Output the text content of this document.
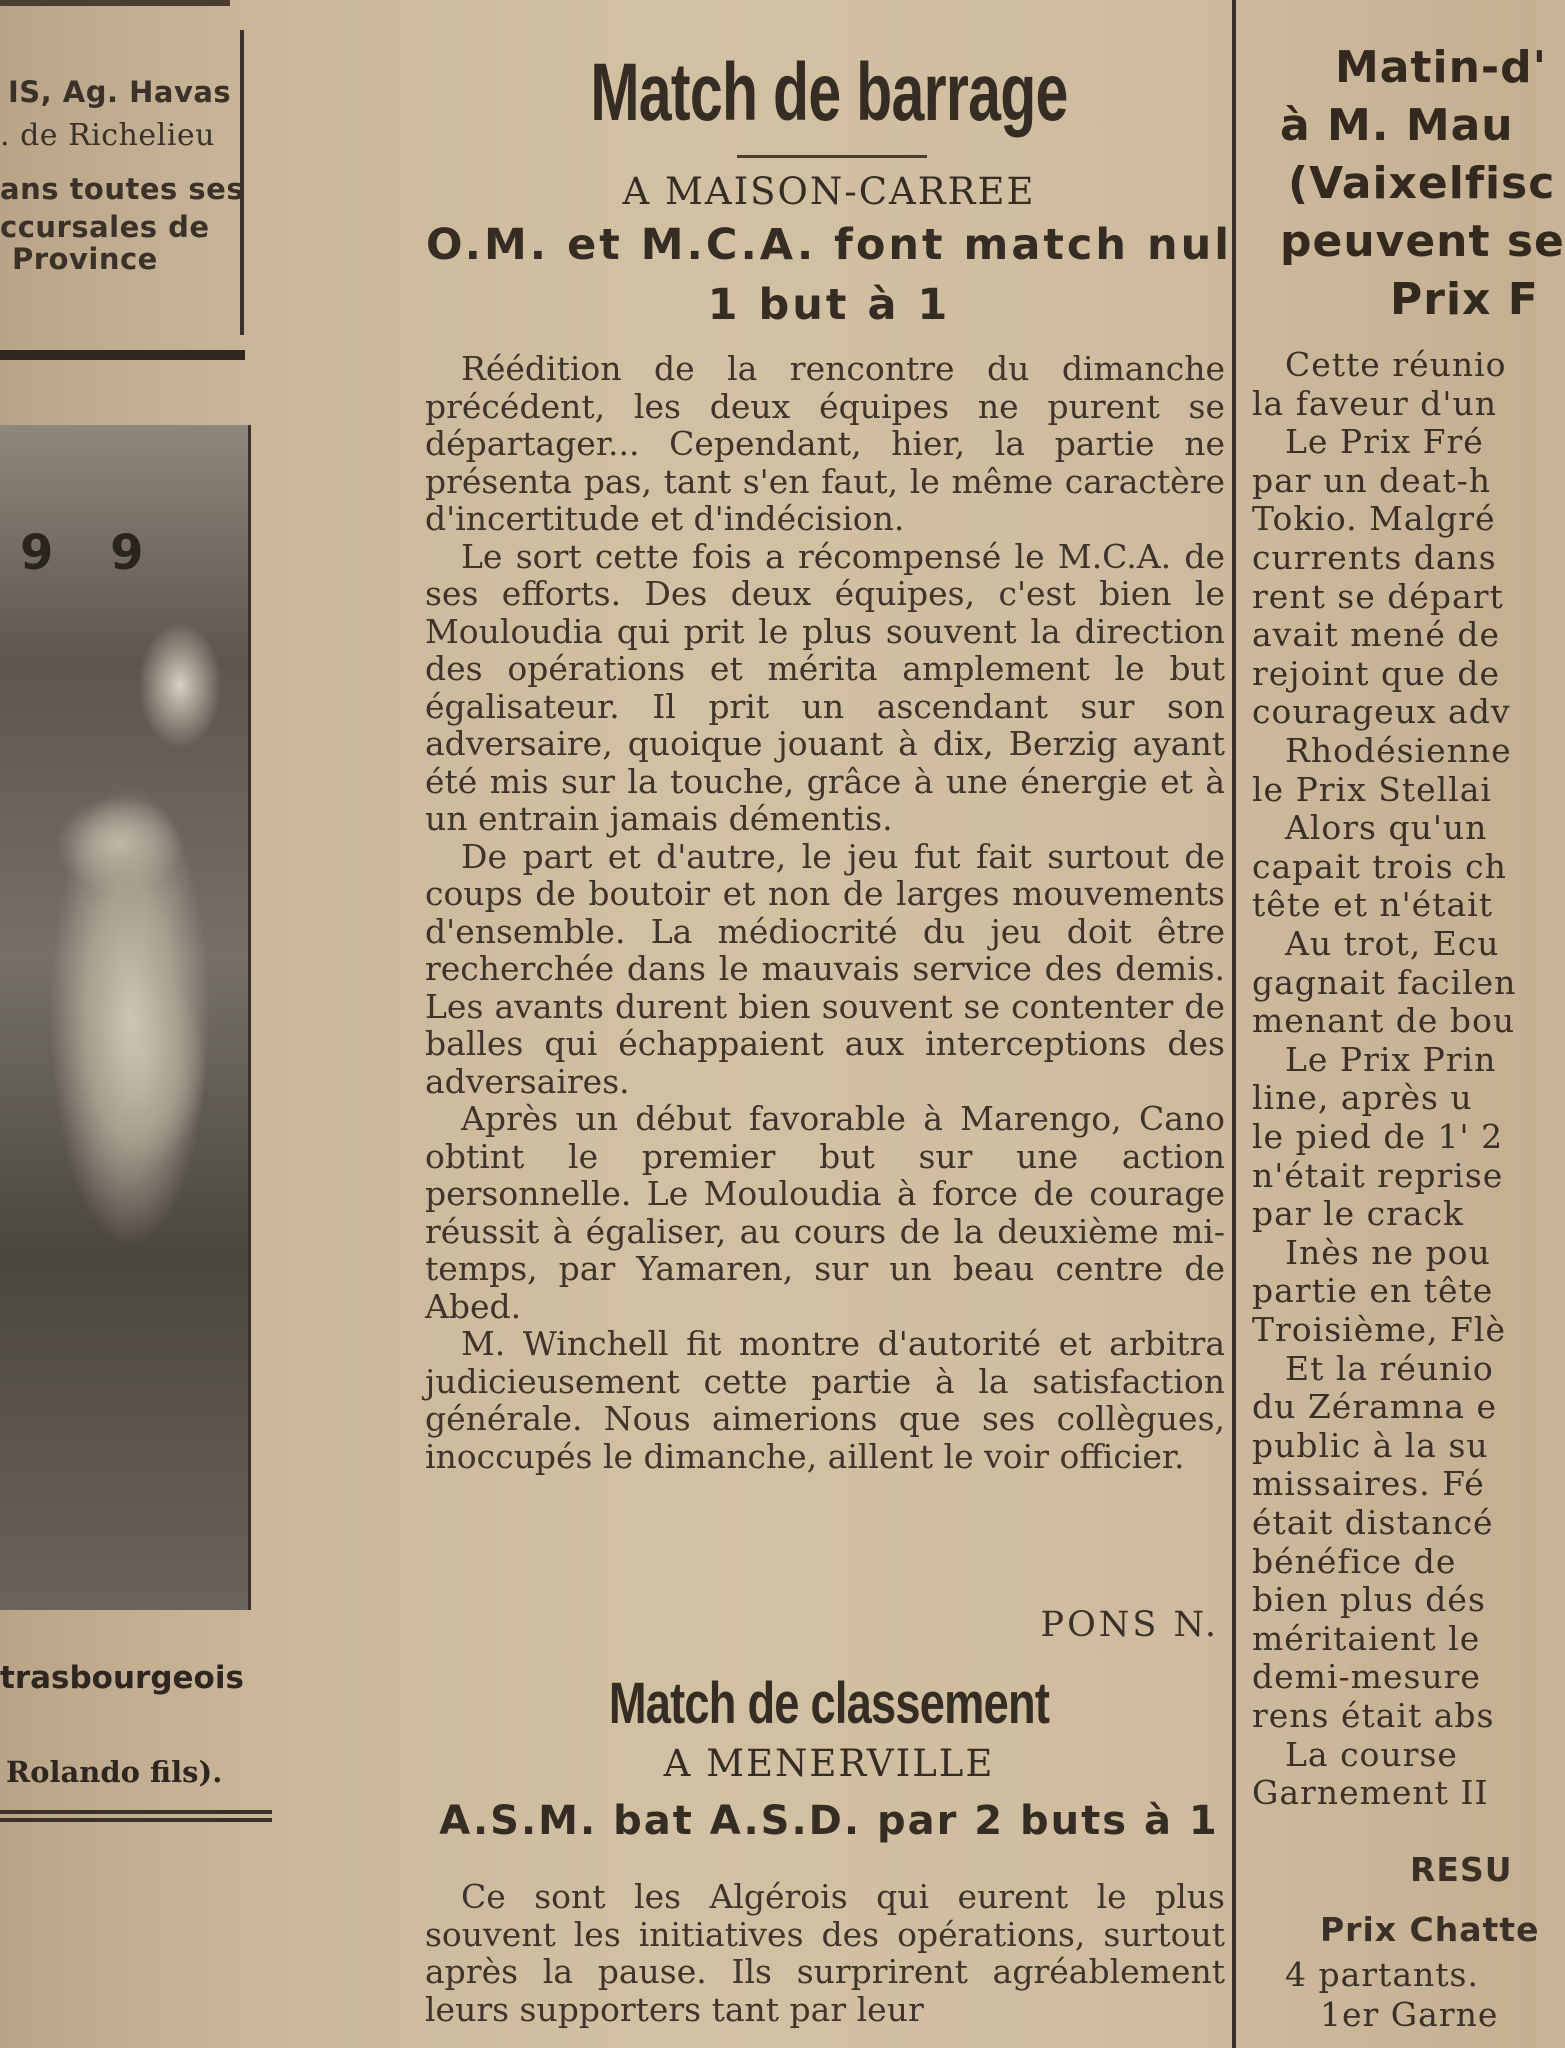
IS, Ag. Havas
. de Richelieu
ans toutes ses
ccursales de
Province
9 9
trasbourgeois
Rolando fils).
Match de barrage
A MAISON-CARREE
O.M. et M.C.A. font match nul
1 but à 1

Réédition de la rencontre du dimanche précédent, les deux équipes ne purent se départager... Cependant, hier, la partie ne présenta pas, tant s'en faut, le même caractère d'incertitude et d'indécision.

Le sort cette fois a récompensé le M.C.A. de ses efforts. Des deux équipes, c'est bien le Mouloudia qui prit le plus souvent la direction des opérations et mérita amplement le but égalisateur. Il prit un ascendant sur son adversaire, quoique jouant à dix, Berzig ayant été mis sur la touche, grâce à une énergie et à un entrain jamais démentis.

De part et d'autre, le jeu fut fait surtout de coups de boutoir et non de larges mouvements d'ensemble. La médiocrité du jeu doit être recherchée dans le mauvais service des demis. Les avants durent bien souvent se contenter de balles qui échappaient aux interceptions des adversaires.

Après un début favorable à Marengo, Cano obtint le premier but sur une action personnelle. Le Mouloudia à force de courage réussit à égaliser, au cours de la deuxième mi-temps, par Yamaren, sur un beau centre de Abed.

M. Winchell fit montre d'autorité et arbitra judicieusement cette partie à la satisfaction générale. Nous aimerions que ses collègues, inoccupés le dimanche, aillent le voir officier.

PONS N.
Match de classement
A MENERVILLE
A.S.M. bat A.S.D. par 2 buts à 1

Ce sont les Algérois qui eurent le plus souvent les initiatives des opérations, surtout après la pause. Ils surprirent agréablement leurs supporters tant par leur

Matin-d'
à M. Mau
(Vaixelfisc
peuvent se
Prix F
Cette réunio
la faveur d'un
Le Prix Fré
par un deat-h
Tokio. Malgré
currents dans
rent se départ
avait mené de
rejoint que de
courageux adv
Rhodésienne
le Prix Stellai
Alors qu'un
capait trois ch
tête et n'était
Au trot, Ecu
gagnait facilen
menant de bou
Le Prix Prin
line, après u
le pied de 1' 2
n'était reprise
par le crack
Inès ne pou
partie en tête
Troisième, Flè
Et la réunio
du Zéramna e
public à la su
missaires. Fé
était distancé
bénéfice de
bien plus dés
méritaient le
demi-mesure
rens était abs
La course
Garnement II
RESU
Prix Chatte
4 partants.
1er Garne
